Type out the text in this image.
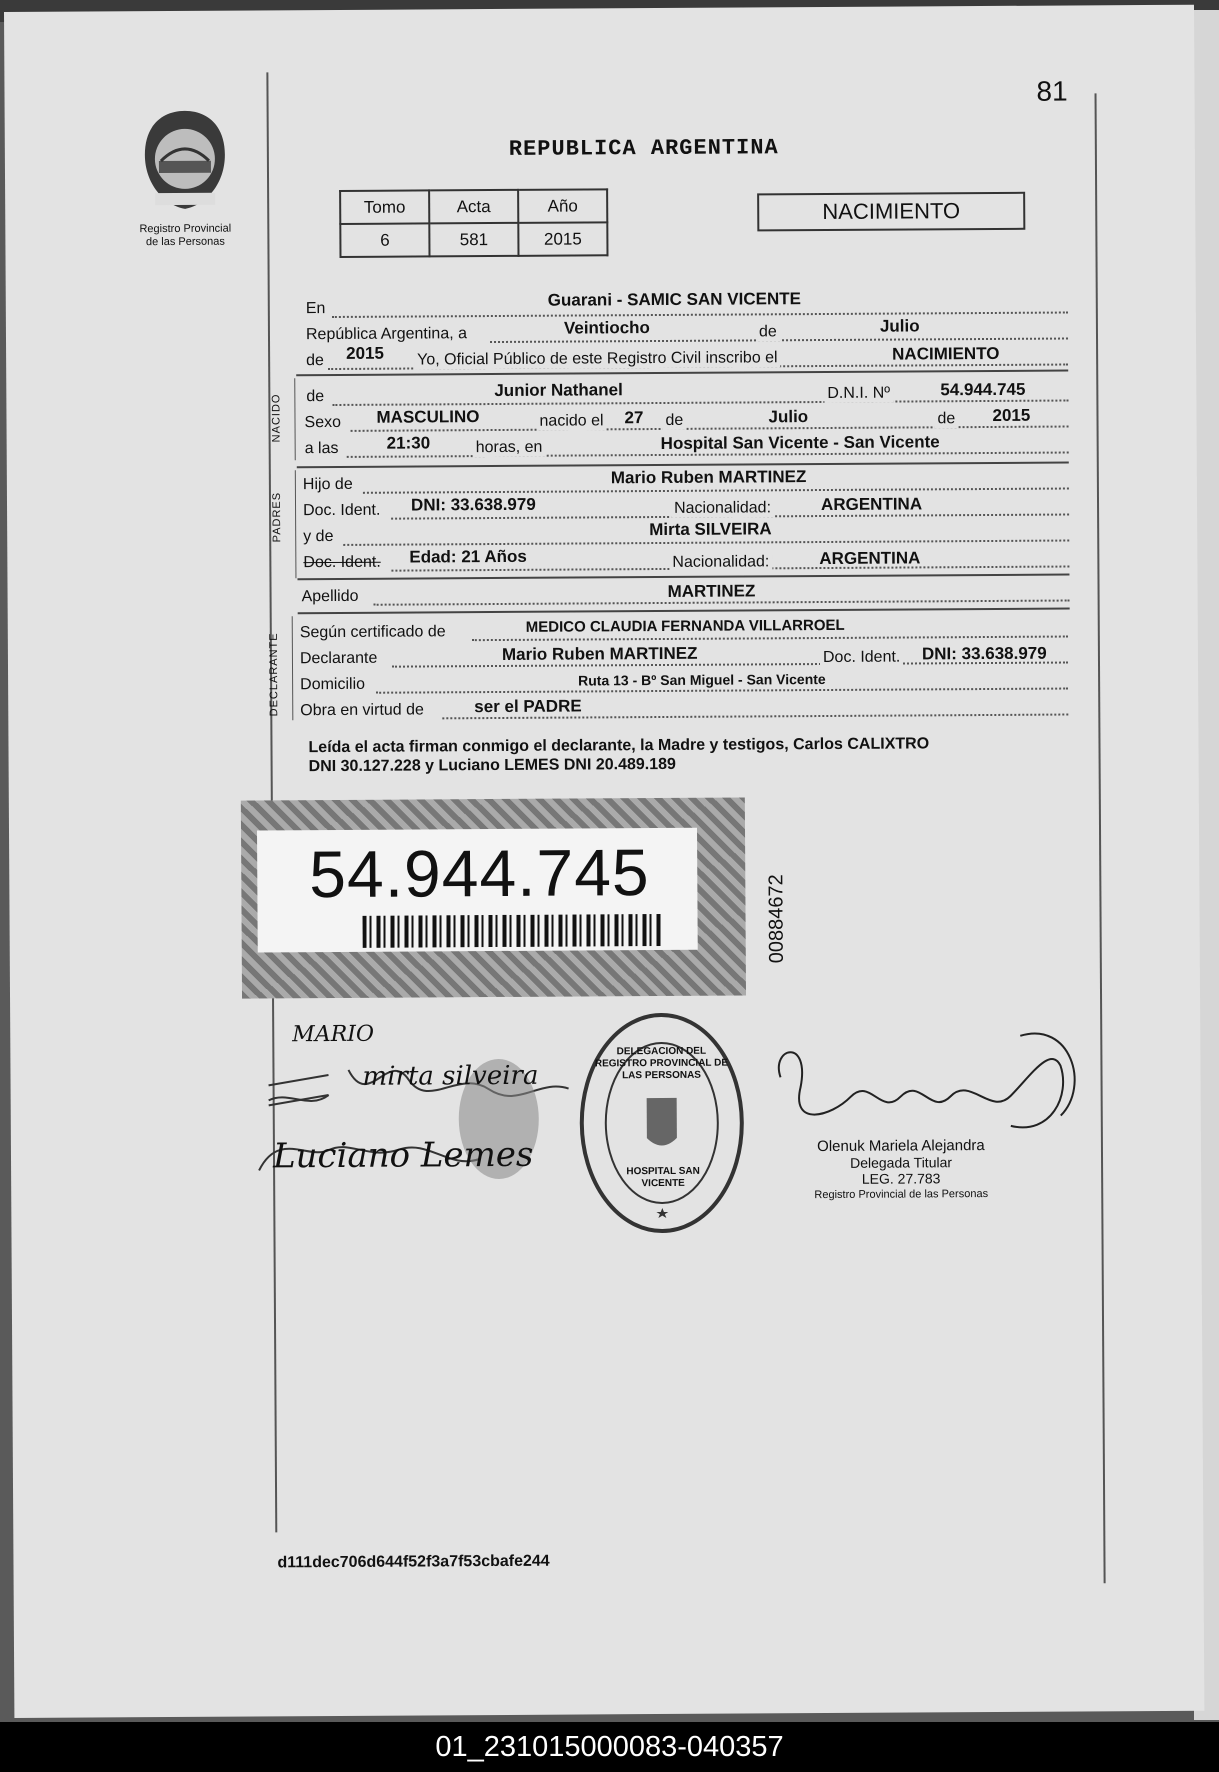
81
Registro Provincial
de las Personas
REPUBLICA ARGENTINA
Tomo	Acta	Año
6	581	2015
NACIMIENTO
En	Guarani - SAMIC SAN VICENTE
República Argentina, a	Veintiocho	de	Julio
de 2015 Yo, Oficial Público de este Registro Civil inscribo el	NACIMIENTO
NACIDO de	Junior Nathanel	D.N.I. Nº	54.944.745
Sexo MASCULINO	nacido el 27 de	Julio	de 2015
a las	21:30	horas, en	Hospital San Vicente - San Vicente
PADRES
Hijo de	Mario Ruben MARTINEZ
Doc. Ident. DNI: 33.638.979	Nacionalidad:	ARGENTINA
y de	Mirta SILVEIRA
Doc. Ident. Edad: 21 Años	Nacionalidad:	ARGENTINA
Apellido	MARTINEZ
DECLARANTE
Según certificado de	MEDICO CLAUDIA FERNANDA VILLARROEL
Declarante	Mario Ruben MARTINEZ	Doc. Ident. DNI: 33.638.979
Domicilio	Ruta 13 - Bº San Miguel - San Vicente
Obra en virtud de	ser el PADRE
Leída el acta firman conmigo el declarante, la Madre y testigos, Carlos CALIXTRO
DNI 30.127.228 y Luciano LEMES DNI 20.489.189
54.944.745
00884672
MARIO
mirta silveira
Luciano Lemes
DELEGACION DEL REGISTRO PROVINCIAL DE LAS PERSONAS
HOSPITAL SAN VICENTE
Olenuk Mariela Alejandra
Delegada Titular
LEG. 27.783
Registro Provincial de las Personas
d111dec706d644f52f3a7f53cbafe244
01_231015000083-040357
